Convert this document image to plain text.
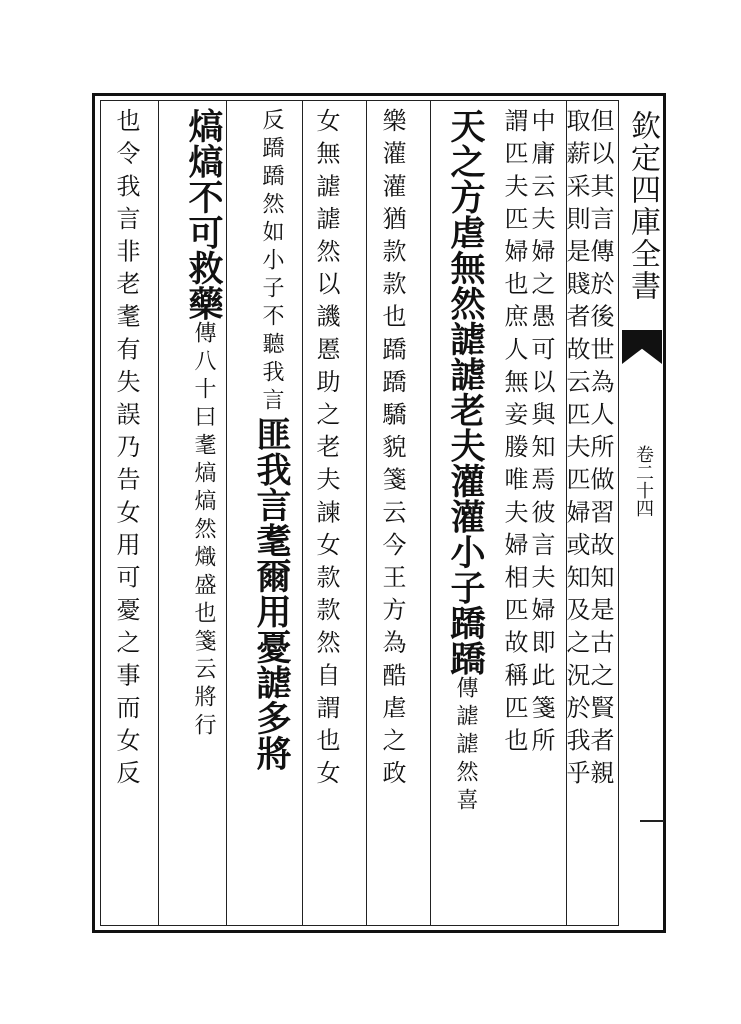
欽定四庫全書
卷二十四
但以其言傳於後世為人所做習故知是古之賢者親
取薪采則是賤者故云匹夫匹婦或知及之況於我乎
中庸云夫婦之愚可以與知焉彼言夫婦即此箋所
謂匹夫匹婦也庶人無妾媵唯夫婦相匹故稱匹也
天之方虐無然謔謔老夫灌灌小子蹻蹻傳謔謔然喜
樂灌灌猶款款也蹻蹻驕貌箋云今王方為酷虐之政
女無謔謔然以譏慝助之老夫諫女款款然自謂也女
反蹻蹻然如小子不聽我言匪我言耄爾用憂謔多將
熇熇不可救藥傳八十曰耄熇熇然熾盛也箋云將行
也令我言非老耄有失誤乃告女用可憂之事而女反
